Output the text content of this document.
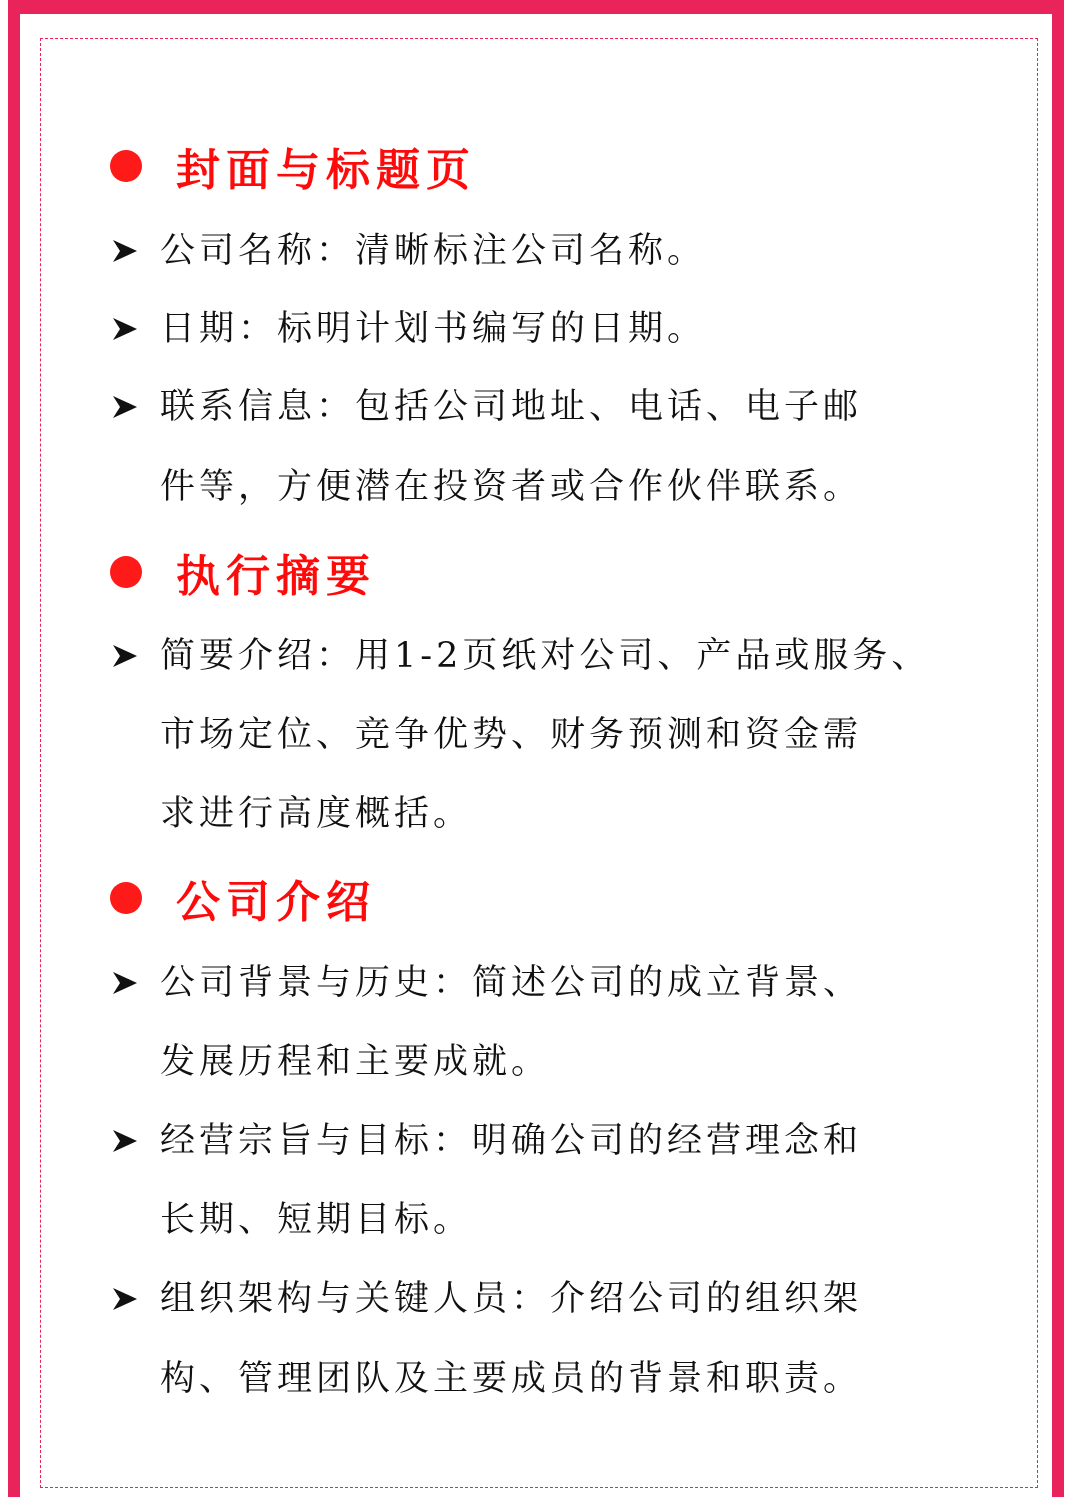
封面与标题页
公司名称：清晰标注公司名称。
日期：标明计划书编写的日期。
联系信息：包括公司地址、电话、电子邮
件等，方便潜在投资者或合作伙伴联系。
执行摘要
简要介绍：用1-2页纸对公司、产品或服务、
市场定位、竞争优势、财务预测和资金需
求进行高度概括。
公司介绍
公司背景与历史：简述公司的成立背景、
发展历程和主要成就。
经营宗旨与目标：明确公司的经营理念和
长期、短期目标。
组织架构与关键人员：介绍公司的组织架
构、管理团队及主要成员的背景和职责。
